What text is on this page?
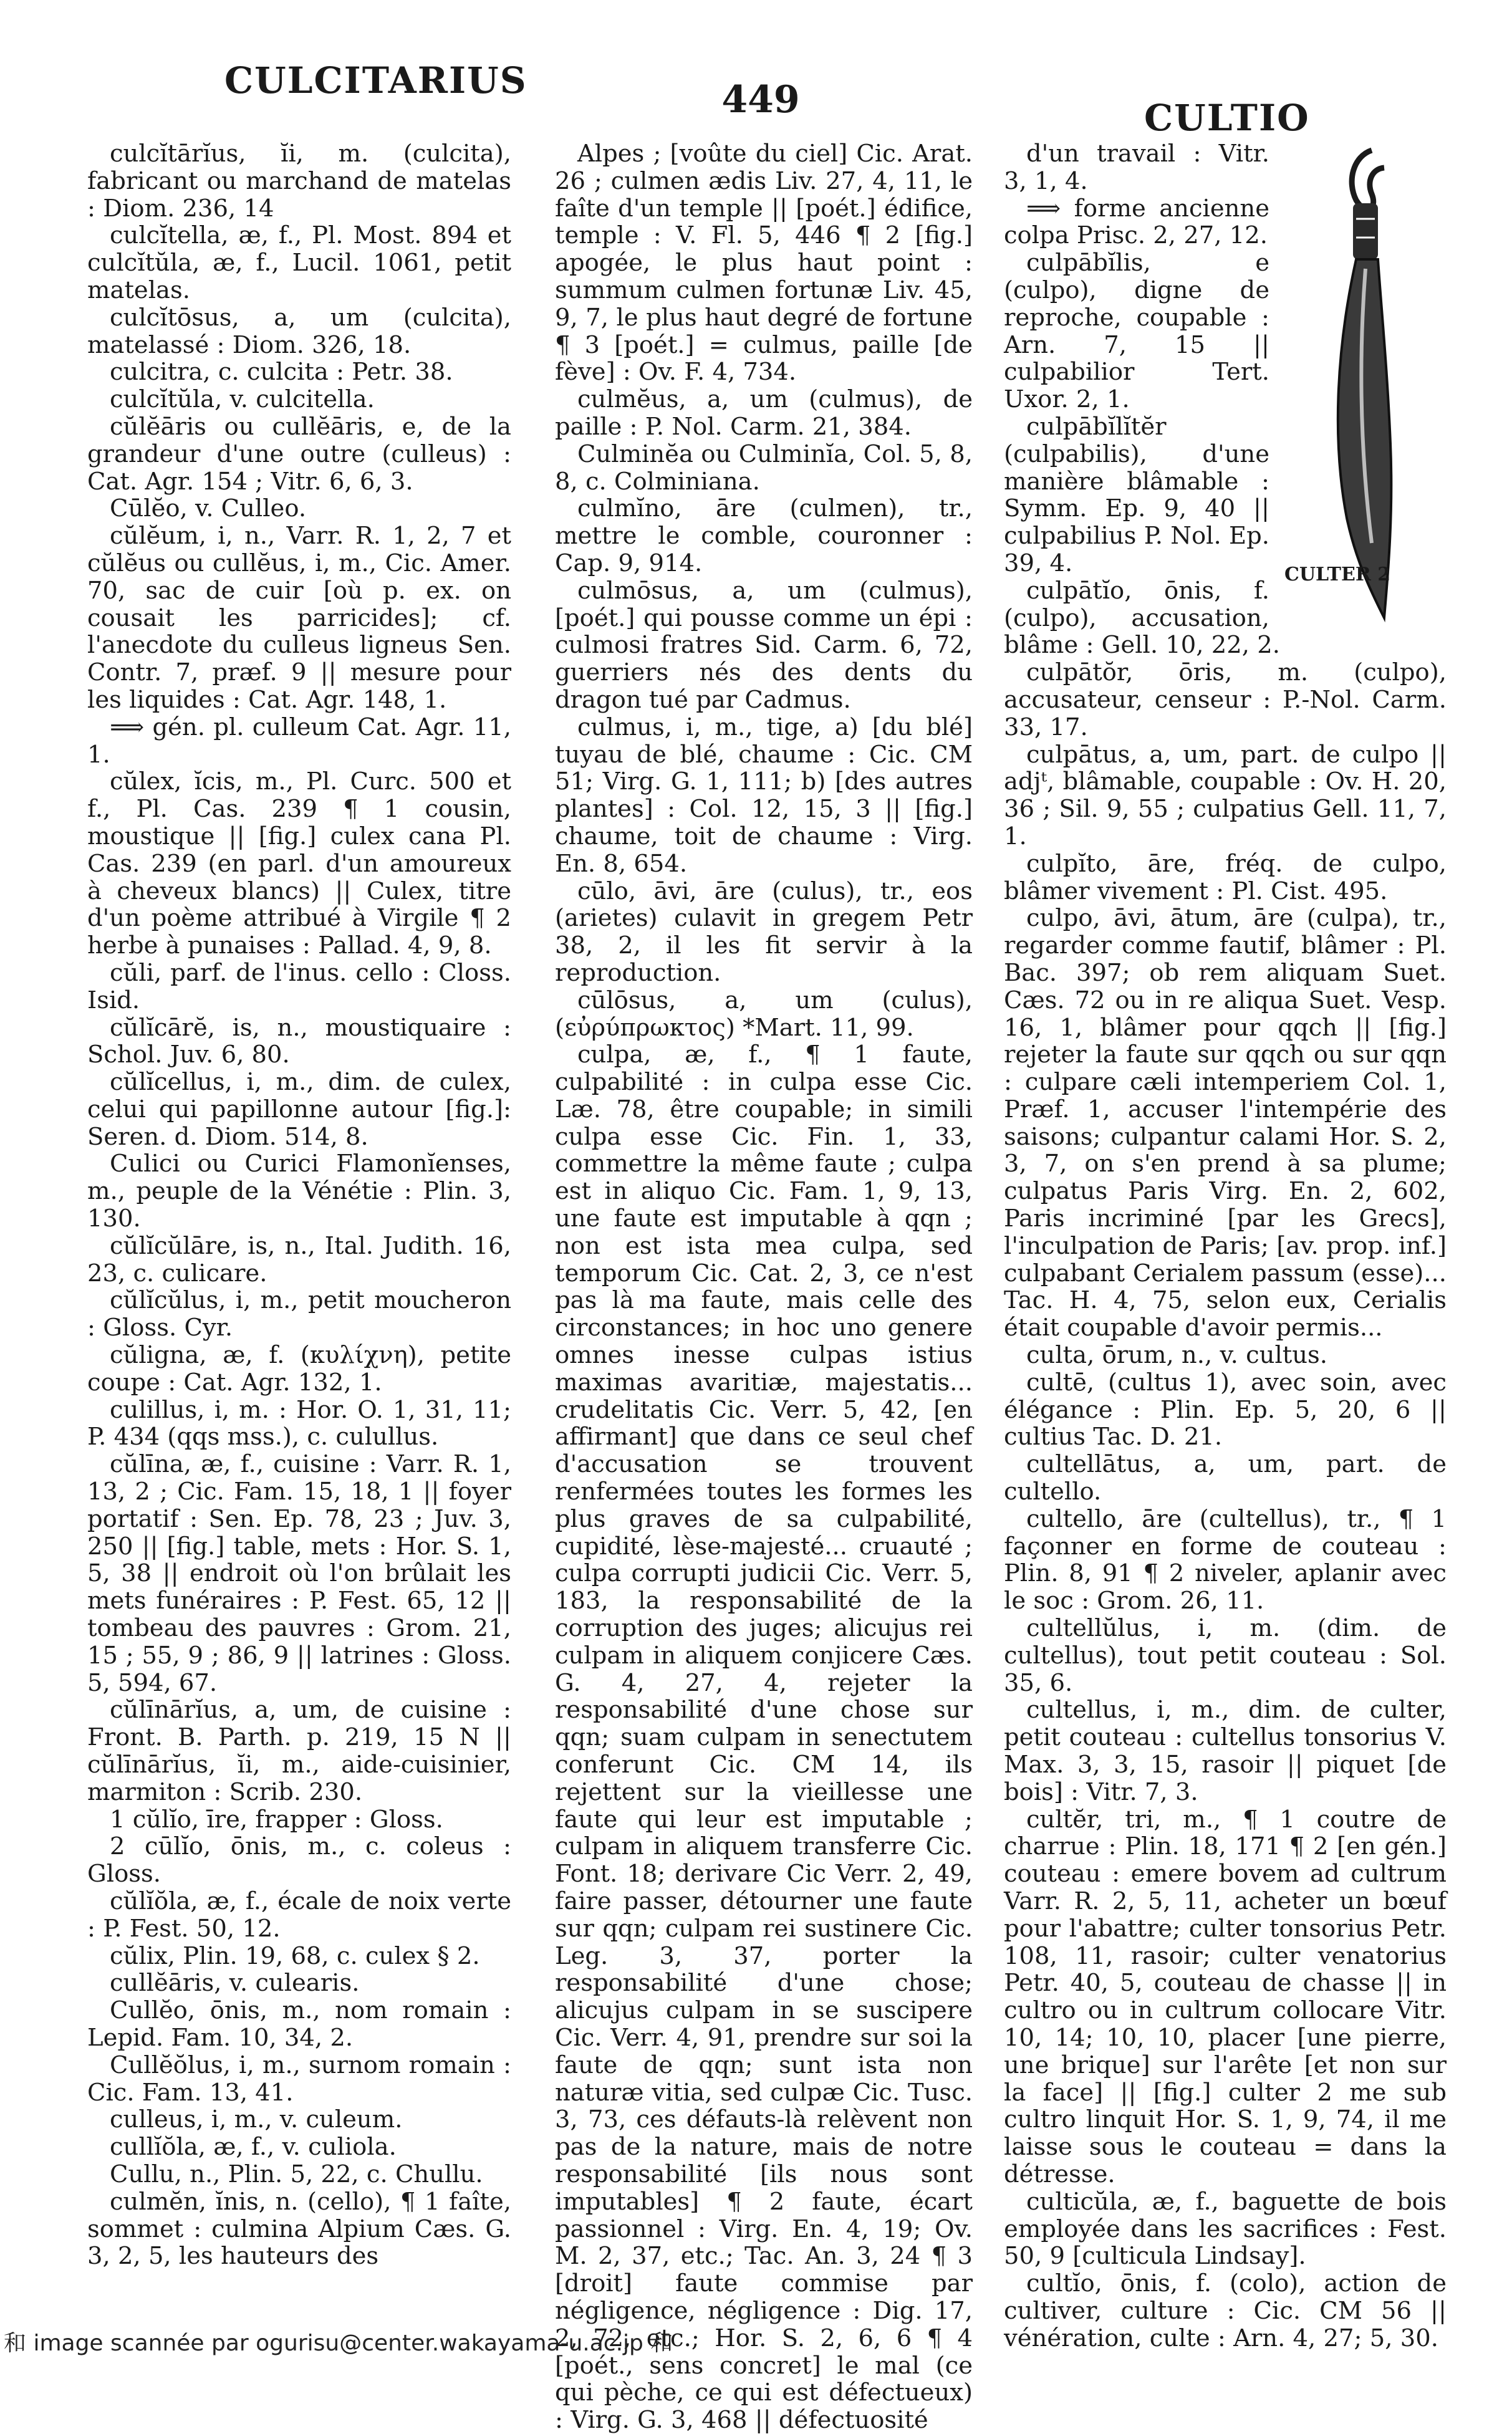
CULCITARIUS	449	CULTIO

culcĭtārĭus, ĭi, m. (culcita), fabricant ou marchand de matelas : Diom. 236, 14

culcĭtella, æ, f., Pl. Most. 894 et culcĭtŭla, æ, f., Lucil. 1061, petit matelas.

culcĭtōsus, a, um (culcita), matelassé : Diom. 326, 18.

culcitra, c. culcita : Petr. 38.

culcĭtŭla, v. culcitella.

cŭlĕāris ou cullĕāris, e, de la grandeur d'une outre (culleus) : Cat. Agr. 154 ; Vitr. 6, 6, 3.

Cūlĕo, v. Culleo.

cŭlĕum, i, n., Varr. R. 1, 2, 7 et cŭlĕus ou cullĕus, i, m., Cic. Amer. 70, sac de cuir [où p. ex. on cousait les parricides]; cf. l'anecdote du culleus ligneus Sen. Contr. 7, præf. 9 || mesure pour les liquides : Cat. Agr. 148, 1.

⟹ gén. pl. culleum Cat. Agr. 11, 1.

cŭlex, ĭcis, m., Pl. Curc. 500 et f., Pl. Cas. 239 ¶ 1 cousin, moustique || [fig.] culex cana Pl. Cas. 239 (en parl. d'un amoureux à cheveux blancs) || Culex, titre d'un poème attribué à Virgile ¶ 2 herbe à punaises : Pallad. 4, 9, 8.

cŭli, parf. de l'inus. cello : Closs. Isid.

cŭlĭcārĕ, is, n., moustiquaire : Schol. Juv. 6, 80.

cŭlĭcellus, i, m., dim. de culex, celui qui papillonne autour [fig.]: Seren. d. Diom. 514, 8.

Culici ou Curici Flamonĭenses, m., peuple de la Vénétie : Plin. 3, 130.

cŭlĭcŭlāre, is, n., Ital. Judith. 16, 23, c. culicare.

cŭlĭcŭlus, i, m., petit moucheron : Gloss. Cyr.

cŭligna, æ, f. (κυλίχνη), petite coupe : Cat. Agr. 132, 1.

culillus, i, m. : Hor. O. 1, 31, 11; P. 434 (qqs mss.), c. culullus.

cŭlīna, æ, f., cuisine : Varr. R. 1, 13, 2 ; Cic. Fam. 15, 18, 1 || foyer portatif : Sen. Ep. 78, 23 ; Juv. 3, 250 || [fig.] table, mets : Hor. S. 1, 5, 38 || endroit où l'on brûlait les mets funéraires : P. Fest. 65, 12 || tombeau des pauvres : Grom. 21, 15 ; 55, 9 ; 86, 9 || latrines : Gloss. 5, 594, 67.

cŭlīnārĭus, a, um, de cuisine : Front. B. Parth. p. 219, 15 N || cŭlīnārĭus, ĭi, m., aide-cuisinier, marmiton : Scrib. 230.

1 cŭlĭo, īre, frapper : Gloss.

2 cūlĭo, ōnis, m., c. coleus : Gloss.

cŭlĭŏla, æ, f., écale de noix verte : P. Fest. 50, 12.

cŭlix, Plin. 19, 68, c. culex § 2.

cullĕāris, v. culearis.

Cullĕo, ōnis, m., nom romain : Lepid. Fam. 10, 34, 2.

Cullĕŏlus, i, m., surnom romain : Cic. Fam. 13, 41.

culleus, i, m., v. culeum.

cullĭŏla, æ, f., v. culiola.

Cullu, n., Plin. 5, 22, c. Chullu.

culmĕn, ĭnis, n. (cello), ¶ 1 faîte, sommet : culmina Alpium Cæs. G. 3, 2, 5, les hauteurs des

Alpes ; [voûte du ciel] Cic. Arat. 26 ; culmen ædis Liv. 27, 4, 11, le faîte d'un temple || [poét.] édifice, temple : V. Fl. 5, 446 ¶ 2 [fig.] apogée, le plus haut point : summum culmen fortunæ Liv. 45, 9, 7, le plus haut degré de fortune ¶ 3 [poét.] = culmus, paille [de fève] : Ov. F. 4, 734.

culmĕus, a, um (culmus), de paille : P. Nol. Carm. 21, 384.

Culminĕa ou Culminĭa, Col. 5, 8, 8, c. Colminiana.

culmĭno, āre (culmen), tr., mettre le comble, couronner : Cap. 9, 914.

culmōsus, a, um (culmus), [poét.] qui pousse comme un épi : culmosi fratres Sid. Carm. 6, 72, guerriers nés des dents du dragon tué par Cadmus.

culmus, i, m., tige, a) [du blé] tuyau de blé, chaume : Cic. CM 51; Virg. G. 1, 111; b) [des autres plantes] : Col. 12, 15, 3 || [fig.] chaume, toit de chaume : Virg. En. 8, 654.

cūlo, āvi, āre (culus), tr., eos (arietes) culavit in gregem Petr 38, 2, il les fit servir à la reproduction.

cūlōsus, a, um (culus), (εὐρύπρωκτος) *Mart. 11, 99.

culpa, æ, f., ¶ 1 faute, culpabilité : in culpa esse Cic. Læ. 78, être coupable; in simili culpa esse Cic. Fin. 1, 33, commettre la même faute ; culpa est in aliquo Cic. Fam. 1, 9, 13, une faute est imputable à qqn ; non est ista mea culpa, sed temporum Cic. Cat. 2, 3, ce n'est pas là ma faute, mais celle des circonstances; in hoc uno genere omnes inesse culpas istius maximas avaritiæ, majestatis... crudelitatis Cic. Verr. 5, 42, [en affirmant] que dans ce seul chef d'accusation se trouvent renfermées toutes les formes les plus graves de sa culpabilité, cupidité, lèse-majesté... cruauté ; culpa corrupti judicii Cic. Verr. 5, 183, la responsabilité de la corruption des juges; alicujus rei culpam in aliquem conjicere Cæs. G. 4, 27, 4, rejeter la responsabilité d'une chose sur qqn; suam culpam in senectutem conferunt Cic. CM 14, ils rejettent sur la vieillesse une faute qui leur est imputable ; culpam in aliquem transferre Cic. Font. 18; derivare Cic Verr. 2, 49, faire passer, détourner une faute sur qqn; culpam rei sustinere Cic. Leg. 3, 37, porter la responsabilité d'une chose; alicujus culpam in se suscipere Cic. Verr. 4, 91, prendre sur soi la faute de qqn; sunt ista non naturæ vitia, sed culpæ Cic. Tusc. 3, 73, ces défauts-là relèvent non pas de la nature, mais de notre responsabilité [ils nous sont imputables] ¶ 2 faute, écart passionnel : Virg. En. 4, 19; Ov. M. 2, 37, etc.; Tac. An. 3, 24 ¶ 3 [droit] faute commise par négligence, négligence : Dig. 17, 2, 72, etc.; Hor. S. 2, 6, 6 ¶ 4 [poét., sens concret] le mal (ce qui pèche, ce qui est défectueux) : Virg. G. 3, 468 || défectuosité

CULTER 2

d'un travail : Vitr. 3, 1, 4.

⟹ forme ancienne colpa Prisc. 2, 27, 12.

culpābĭlis, e (culpo), digne de reproche, coupable : Arn. 7, 15 || culpabilior Tert. Uxor. 2, 1.

culpābĭlĭtĕr (culpabilis), d'une manière blâmable : Symm. Ep. 9, 40 || culpabilius P. Nol. Ep. 39, 4.

culpātĭo, ōnis, f. (culpo), accusation, blâme : Gell. 10, 22, 2.

culpātŏr, ōris, m. (culpo), accusateur, censeur : P.-Nol. Carm. 33, 17.

culpātus, a, um, part. de culpo || adjᵗ, blâmable, coupable : Ov. H. 20, 36 ; Sil. 9, 55 ; culpatius Gell. 11, 7, 1.

culpĭto, āre, fréq. de culpo, blâmer vivement : Pl. Cist. 495.

culpo, āvi, ātum, āre (culpa), tr., regarder comme fautif, blâmer : Pl. Bac. 397; ob rem aliquam Suet. Cæs. 72 ou in re aliqua Suet. Vesp. 16, 1, blâmer pour qqch || [fig.] rejeter la faute sur qqch ou sur qqn : culpare cæli intemperiem Col. 1, Præf. 1, accuser l'intempérie des saisons; culpantur calami Hor. S. 2, 3, 7, on s'en prend à sa plume; culpatus Paris Virg. En. 2, 602, Paris incriminé [par les Grecs], l'inculpation de Paris; [av. prop. inf.] culpabant Cerialem passum (esse)... Tac. H. 4, 75, selon eux, Cerialis était coupable d'avoir permis...

culta, ōrum, n., v. cultus.

cultē, (cultus 1), avec soin, avec élégance : Plin. Ep. 5, 20, 6 || cultius Tac. D. 21.

cultellātus, a, um, part. de cultello.

cultello, āre (cultellus), tr., ¶ 1 façonner en forme de couteau : Plin. 8, 91 ¶ 2 niveler, aplanir avec le soc : Grom. 26, 11.

cultellŭlus, i, m. (dim. de cultellus), tout petit couteau : Sol. 35, 6.

cultellus, i, m., dim. de culter, petit couteau : cultellus tonsorius V. Max. 3, 3, 15, rasoir || piquet [de bois] : Vitr. 7, 3.

cultĕr, tri, m., ¶ 1 coutre de charrue : Plin. 18, 171 ¶ 2 [en gén.] couteau : emere bovem ad cultrum Varr. R. 2, 5, 11, acheter un bœuf pour l'abattre; culter tonsorius Petr. 108, 11, rasoir; culter venatorius Petr. 40, 5, couteau de chasse || in cultro ou in cultrum collocare Vitr. 10, 14; 10, 10, placer [une pierre, une brique] sur l'arête [et non sur la face] || [fig.] culter 2 me sub cultro linquit Hor. S. 1, 9, 74, il me laisse sous le couteau = dans la détresse.

culticŭla, æ, f., baguette de bois employée dans les sacrifices : Fest. 50, 9 [culticula Lindsay].

cultĭo, ōnis, f. (colo), action de cultiver, culture : Cic. CM 56 || vénération, culte : Arn. 4, 27; 5, 30.

和 image scannée par ogurisu@center.wakayama-u.ac.jp 和
